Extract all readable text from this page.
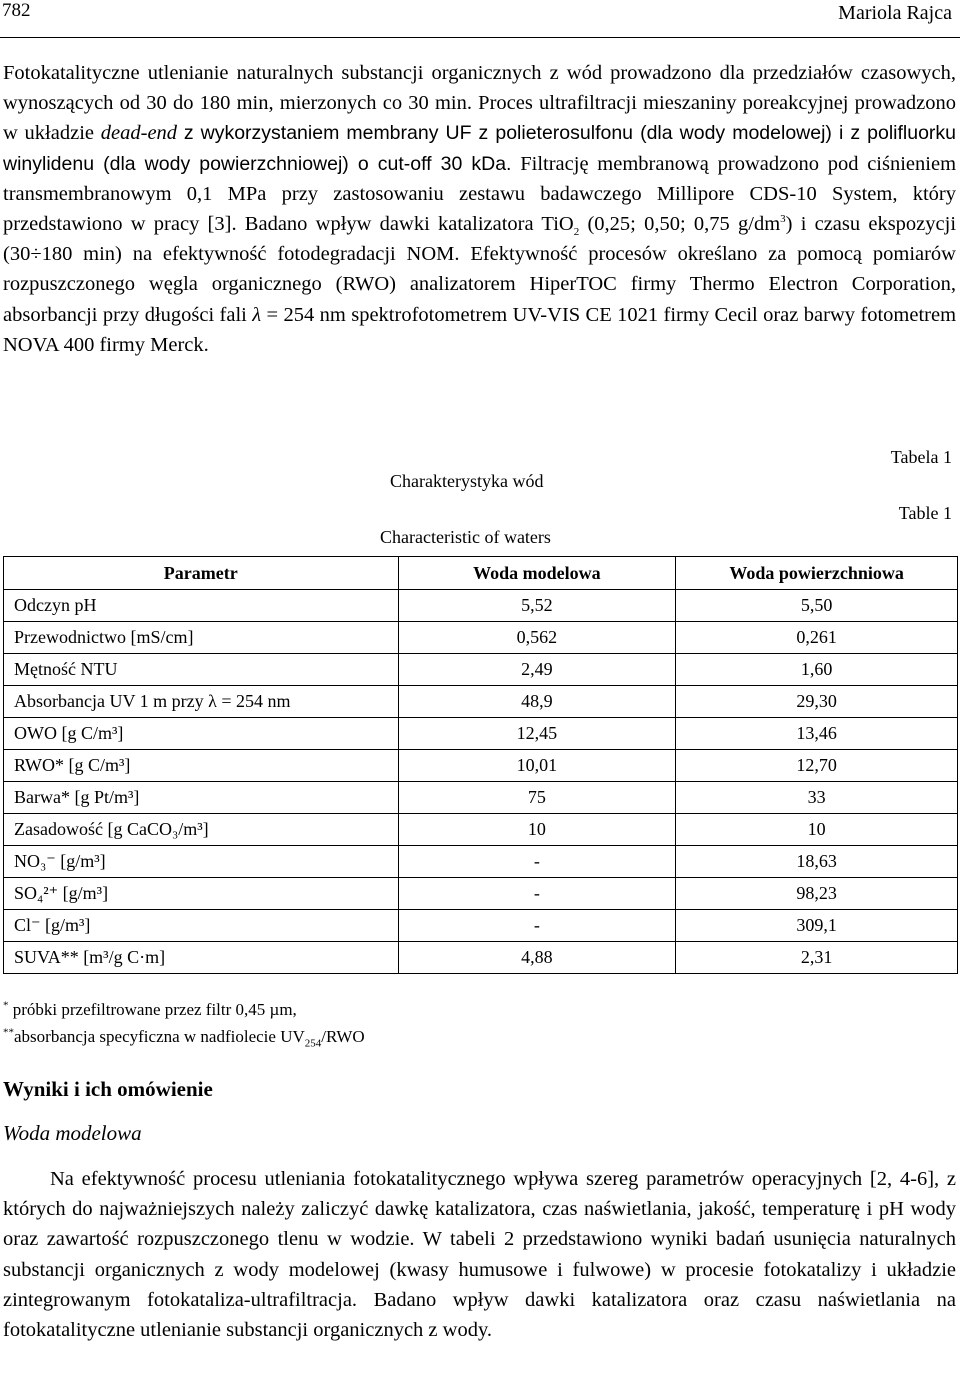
782	Mariola Rajca
Fotokatalityczne utlenianie naturalnych substancji organicznych z wód prowadzono dla przedziałów czasowych, wynoszących od 30 do 180 min, mierzonych co 30 min. Proces ultrafiltracji mieszaniny poreakcyjnej prowadzono w układzie dead-end z wykorzystaniem membrany UF z polieterosulfonu (dla wody modelowej) i z polifluorku winylidenu (dla wody powierzchniowej) o cut-off 30 kDa. Filtrację membranową prowadzono pod ciśnieniem transmembranowym 0,1 MPa przy zastosowaniu zestawu badawczego Millipore CDS-10 System, który przedstawiono w pracy [3]. Badano wpływ dawki katalizatora TiO$_2$ (0,25; 0,50; 0,75 $g/dm^3$) i czasu ekspozycji (30÷180 min) na efektywność fotodegradacji NOM. Efektywność procesów określano za pomocą pomiarów rozpuszczonego węgla organicznego (RWO) analizatorem HiperTOC firmy Thermo Electron Corporation, absorbancji przy długości fali λ = 254 nm spektrofotometrem UV-VIS CE 1021 firmy Cecil oraz barwy fotometrem NOVA 400 firmy Merck.
Tabela 1
Charakterystyka wód
Table 1
Characteristic of waters
Parametr	Woda modelowa	Woda powierzchniowa
Odczyn pH	5,52	5,50
Przewodnictwo [mS/cm]	0,562	0,261
Mętność NTU	2,49	1,60
Absorbancja UV 1 m przy λ = 254 nm	48,9	29,30
OWO [g C/m³]	12,45	13,46
RWO* [g C/m³]	10,01	12,70
Barwa* [g Pt/m³]	75	33
Zasadowość [g CaCO₃/m³]	10	10
NO₃⁻ [g/m³]	-	18,63
SO₄²⁺ [g/m³]	-	98,23
Cl⁻ [g/m³]	-	309,1
SUVA** [m³/g C·m]	4,88	2,31
* próbki przefiltrowane przez filtr 0,45 µm,
**absorbancja specyficzna w nadfiolecie $UV_{254}$/RWO
Wyniki i ich omówienie
Woda modelowa
Na efektywność procesu utleniania fotokatalitycznego wpływa szereg parametrów operacyjnych [2, 4-6], z których do najważniejszych należy zaliczyć dawkę katalizatora, czas naświetlania, jakość, temperaturę i pH wody oraz zawartość rozpuszczonego tlenu w wodzie. W tabeli 2 przedstawiono wyniki badań usunięcia naturalnych substancji organicznych z wody modelowej (kwasy humusowe i fulwowe) w procesie fotokatalizy i układzie zintegrowanym fotokataliza-ultrafiltracja. Badano wpływ dawki katalizatora oraz czasu naświetlania na fotokatalityczne utlenianie substancji organicznych z wody.
